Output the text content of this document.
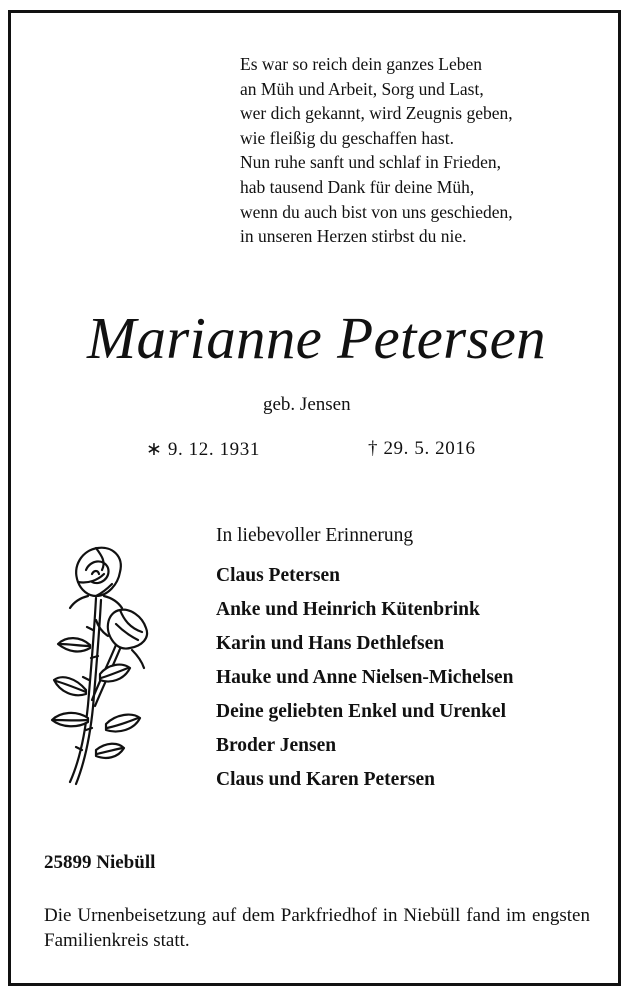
Es war so reich dein ganzes Leben
an Müh und Arbeit, Sorg und Last,
wer dich gekannt, wird Zeugnis geben,
wie fleißig du geschaffen hast.
Nun ruhe sanft und schlaf in Frieden,
hab tausend Dank für deine Müh,
wenn du auch bist von uns geschieden,
in unseren Herzen stirbst du nie.

Marianne Petersen
geb. Jensen
∗ 9. 12. 1931	† 29. 5. 2016
In liebevoller Erinnerung
Claus Petersen
Anke und Heinrich Kütenbrink
Karin und Hans Dethlefsen
Hauke und Anne Nielsen-Michelsen
Deine geliebten Enkel und Urenkel
Broder Jensen
Claus und Karen Petersen
25899 Niebüll

Die Urnenbeisetzung auf dem Parkfriedhof in Niebüll fand im engsten Familienkreis statt.
